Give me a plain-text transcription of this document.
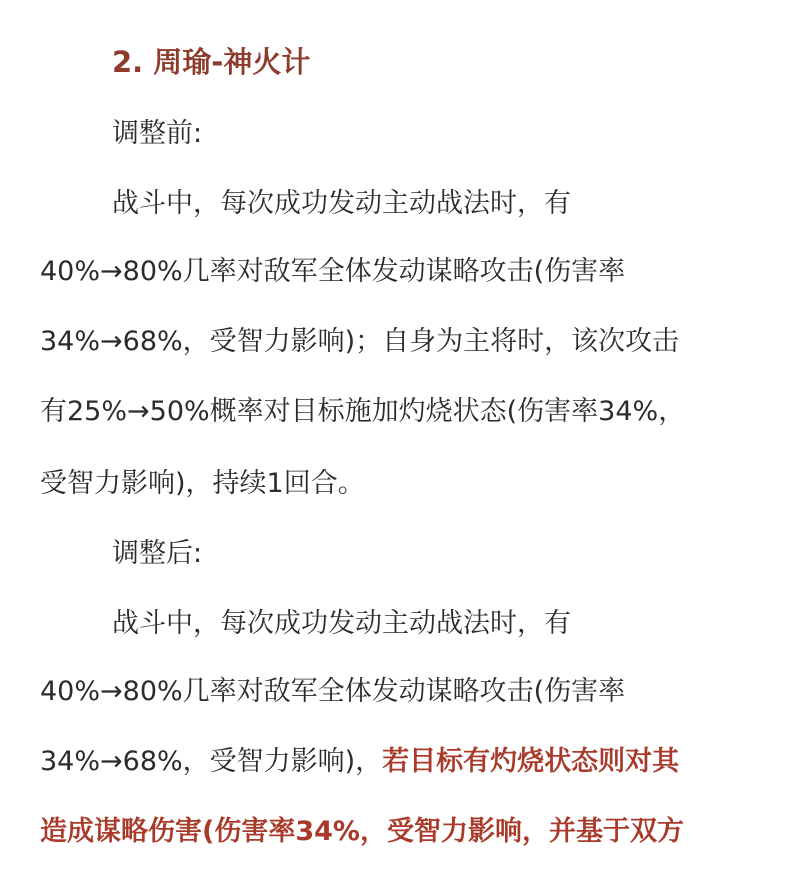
2. 周瑜-神火计
调整前:
战斗中，每次成功发动主动战法时，有
40%→80%几率对敌军全体发动谋略攻击(伤害率
34%→68%，受智力影响)；自身为主将时，该次攻击
有25%→50%概率对目标施加灼烧状态(伤害率34%，
受智力影响)，持续1回合。
调整后:
战斗中，每次成功发动主动战法时，有
40%→80%几率对敌军全体发动谋略攻击(伤害率
34%→68%，受智力影响)，若目标有灼烧状态则对其
造成谋略伤害(伤害率34%，受智力影响，并基于双方
